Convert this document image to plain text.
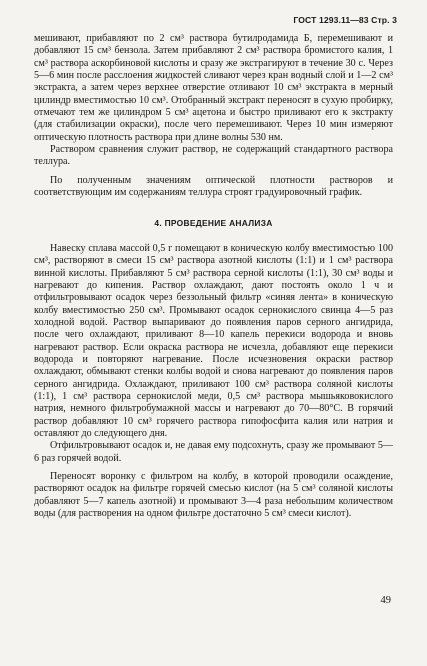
ГОСТ 1293.11—83 Стр. 3

мешивают, прибавляют по 2 см³ раствора бутилродамида Б, перемешивают и добавляют 15 см³ бензола. Затем прибавляют 2 см³ раствора бромистого калия, 1 см³ раствора аскорбиновой кислоты и сразу же экстрагируют в течение 30 с. Через 5—6 мин после расслоения жидкостей сливают через кран водный слой и 1—2 см³ экстракта, а затем через верхнее отверстие отливают 10 см³ экстракта в мерный цилиндр вместимостью 10 см³. Отобранный экстракт переносят в сухую пробирку, отмечают тем же цилиндром 5 см³ ацетона и быстро приливают его к экстракту (для стабилизации окраски), после чего перемешивают. Через 10 мин измеряют оптическую плотность раствора при длине волны 530 нм.

Раствором сравнения служит раствор, не содержащий стандартного раствора теллура.

По полученным значениям оптической плотности растворов и соответствующим им содержаниям теллура строят градуировочный график.

4. ПРОВЕДЕНИЕ АНАЛИЗА

Навеску сплава массой 0,5 г помещают в коническую колбу вместимостью 100 см³, растворяют в смеси 15 см³ раствора азотной кислоты (1:1) и 1 см³ раствора винной кислоты. Прибавляют 5 см³ раствора серной кислоты (1:1), 30 см³ воды и нагревают до кипения. Раствор охлаждают, дают постоять около 1 ч и отфильтровывают осадок через беззольный фильтр «синяя лента» в коническую колбу вместимостью 250 см³. Промывают осадок сернокислого свинца 4—5 раз холодной водой. Раствор выпаривают до появления паров серного ангидрида, после чего охлаждают, приливают 8—10 капель перекиси водорода и вновь нагревают раствор. Если окраска раствора не исчезла, добавляют еще перекиси водорода и повторяют нагревание. После исчезновения окраски раствор охлаждают, обмывают стенки колбы водой и снова нагревают до появления паров серного ангидрида. Охлаждают, приливают 100 см³ раствора соляной кислоты (1:1), 1 см³ раствора сернокислой меди, 0,5 см³ раствора мышьяковокислого натрия, немного фильтробумажной массы и нагревают до 70—80°С. В горячий раствор добавляют 10 см³ горячего раствора гипофосфита калия или натрия и оставляют до следующего дня.

Отфильтровывают осадок и, не давая ему подсохнуть, сразу же промывают 5—6 раз горячей водой.

Переносят воронку с фильтром на колбу, в которой проводили осаждение, растворяют осадок на фильтре горячей смесью кислот (на 5 см³ соляной кислоты добавляют 5—7 капель азотной) и промывают 3—4 раза небольшим количеством воды (для растворения на одном фильтре достаточно 5 см³ смеси кислот).

49
